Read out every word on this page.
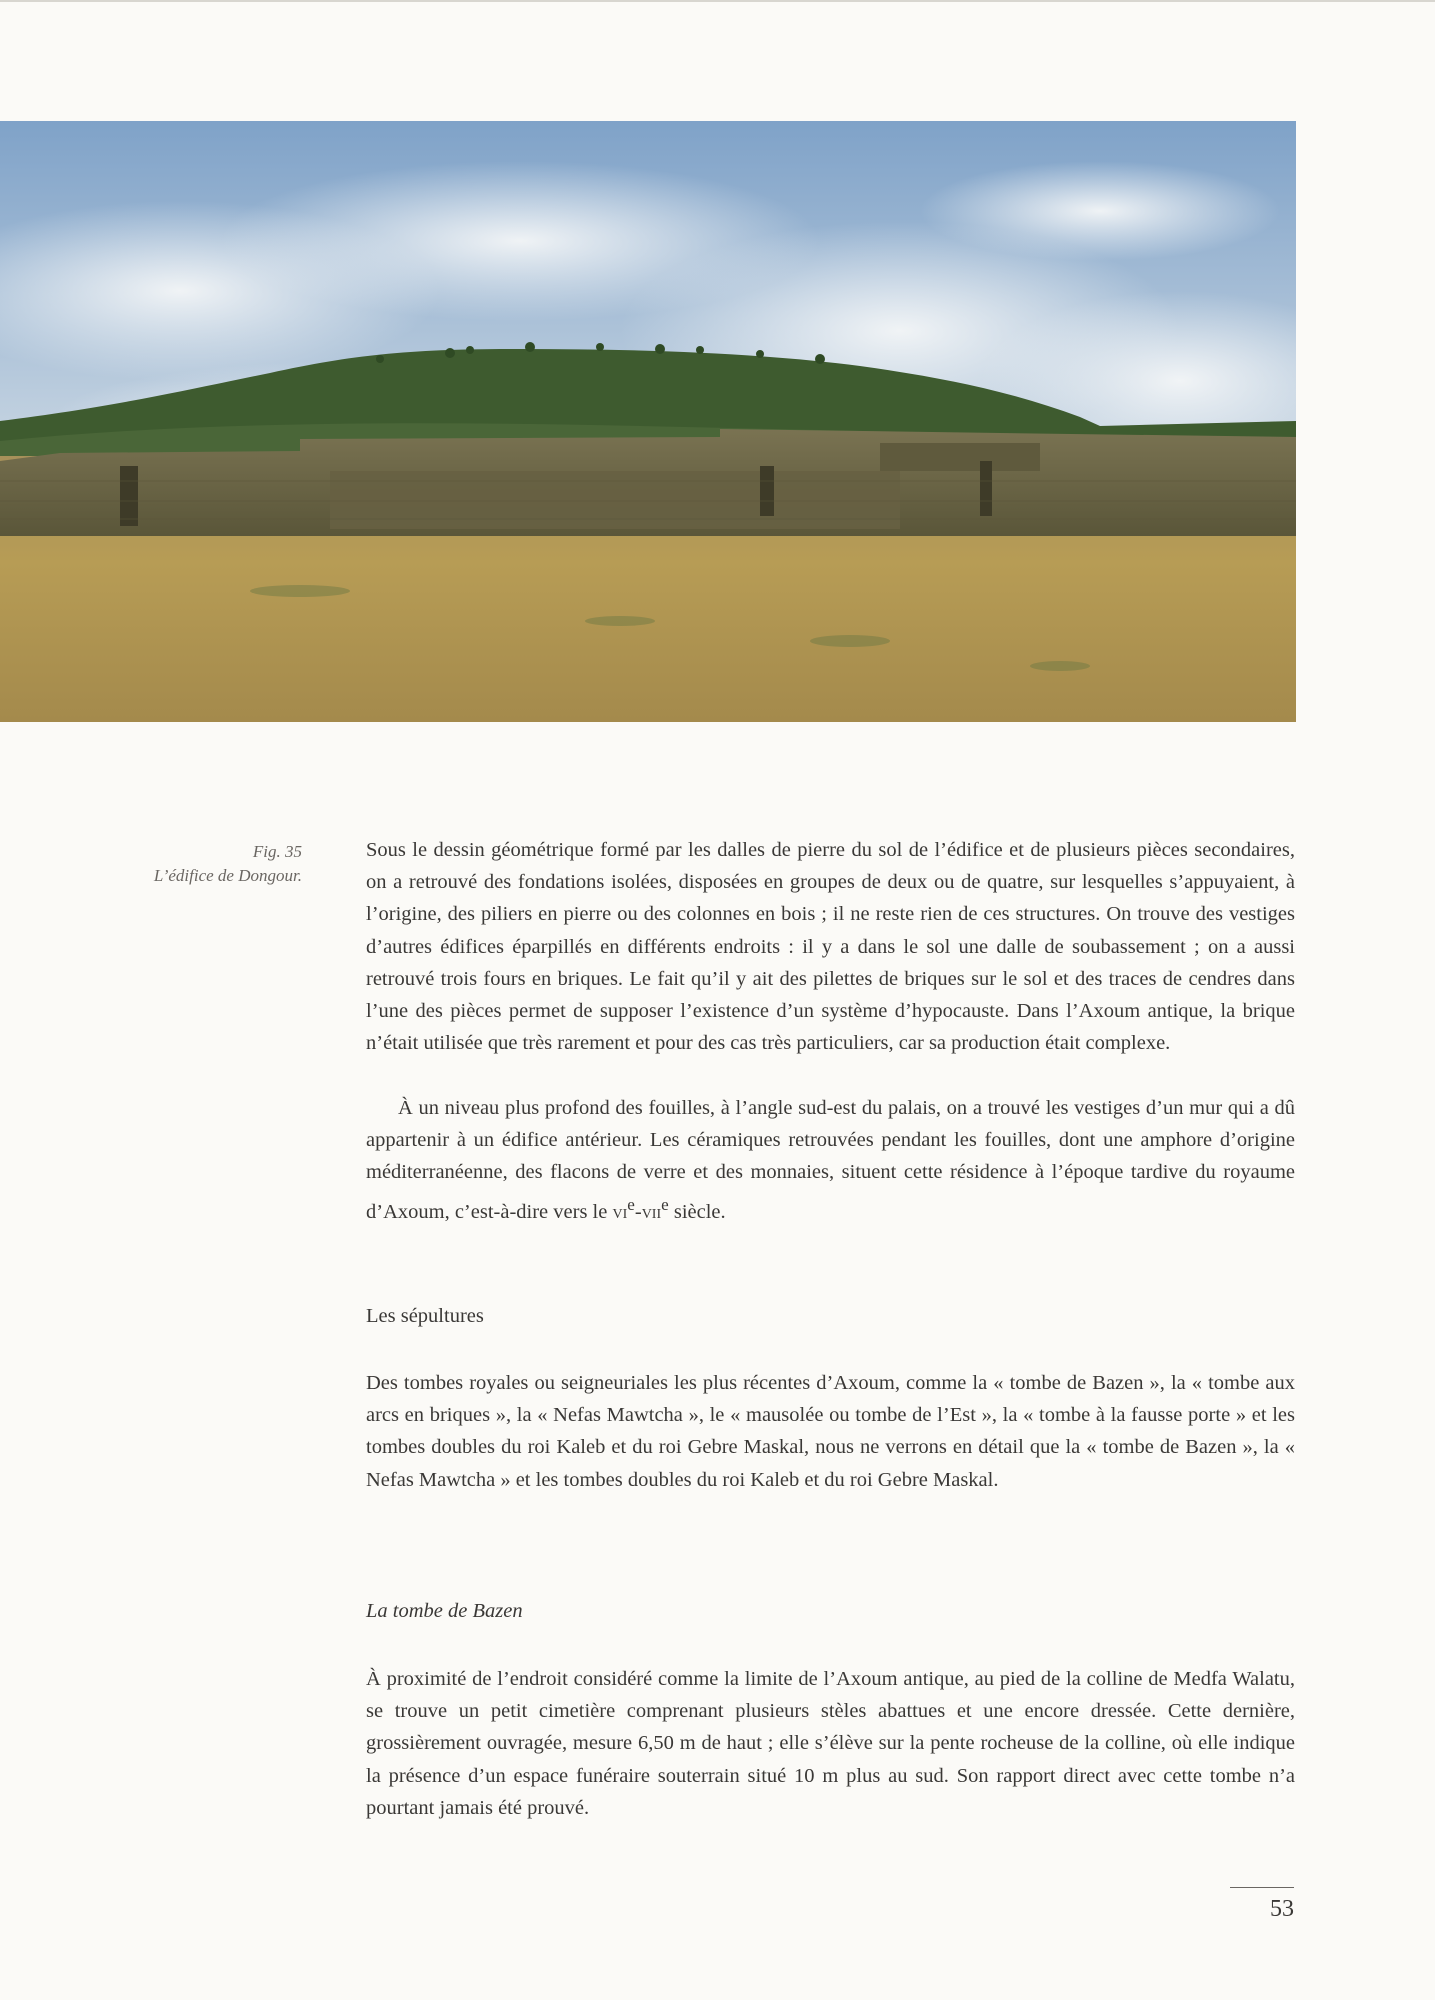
Fig. 35
L’édifice de Dongour.

Sous le dessin géométrique formé par les dalles de pierre du sol de l’édifice et de plusieurs pièces secondaires, on a retrouvé des fondations isolées, disposées en groupes de deux ou de quatre, sur lesquelles s’appuyaient, à l’origine, des piliers en pierre ou des colonnes en bois ; il ne reste rien de ces structures. On trouve des vestiges d’autres édifices éparpillés en différents endroits : il y a dans le sol une dalle de soubassement ; on a aussi retrouvé trois fours en briques. Le fait qu’il y ait des pilettes de briques sur le sol et des traces de cendres dans l’une des pièces permet de supposer l’existence d’un système d’hypocauste. Dans l’Axoum antique, la brique n’était utilisée que très rarement et pour des cas très particuliers, car sa production était complexe.

À un niveau plus profond des fouilles, à l’angle sud-est du palais, on a trouvé les vestiges d’un mur qui a dû appartenir à un édifice antérieur. Les céramiques retrouvées pendant les fouilles, dont une amphore d’origine méditerranéenne, des flacons de verre et des monnaies, situent cette résidence à l’époque tardive du royaume d’Axoum, c’est-à-dire vers le $vi^e-vii^e$ siècle.

Les sépultures

Des tombes royales ou seigneuriales les plus récentes d’Axoum, comme la « tombe de Bazen », la « tombe aux arcs en briques », la « Nefas Mawtcha », le « mausolée ou tombe de l’Est », la « tombe à la fausse porte » et les tombes doubles du roi Kaleb et du roi Gebre Maskal, nous ne verrons en détail que la « tombe de Bazen », la « Nefas Mawtcha » et les tombes doubles du roi Kaleb et du roi Gebre Maskal.

La tombe de Bazen

À proximité de l’endroit considéré comme la limite de l’Axoum antique, au pied de la colline de Medfa Walatu, se trouve un petit cimetière comprenant plusieurs stèles abattues et une encore dressée. Cette dernière, grossièrement ouvragée, mesure 6,50 m de haut ; elle s’élève sur la pente rocheuse de la colline, où elle indique la présence d’un espace funéraire souterrain situé 10 m plus au sud. Son rapport direct avec cette tombe n’a pourtant jamais été prouvé.

53
